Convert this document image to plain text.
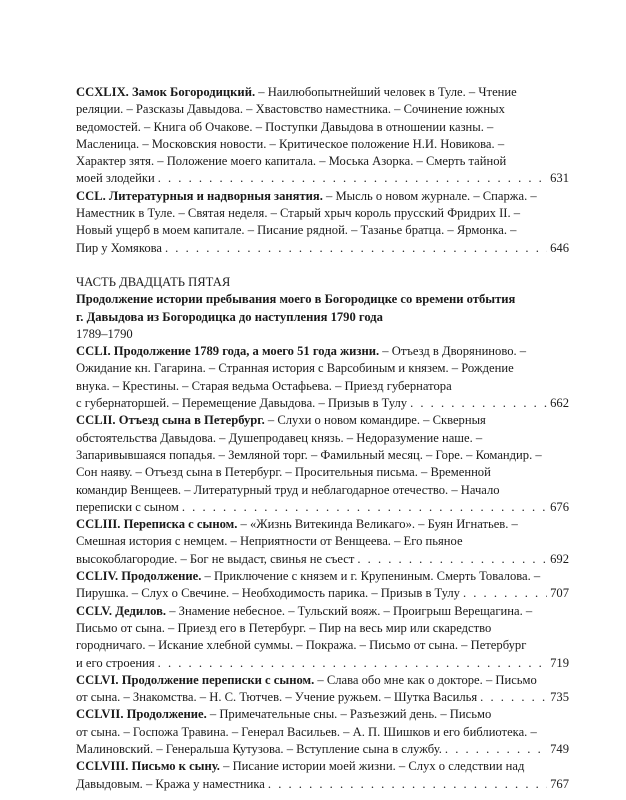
CCXLIX. Замок Богородицкий. – Наилюбопытнейший человек в Туле. – Чтение
реляции. – Разсказы Давыдова. – Хвастовство наместника. – Сочинение южных
ведомостей. – Книга об Очакове. – Поступки Давыдова в отношении казны. –
Масленица. – Московския новости. – Критическое положение Н.И. Новикова. –
Характер зятя. – Положение моего капитала. – Моська Азорка. – Смерть тайной
моей злодейки . . .	631
CCL. Литературныя и надворныя занятия. – Мысль о новом журнале. – Спаржа. –
Наместник в Туле. – Святая неделя. – Старый хрыч король прусский Фридрих II. –
Новый ущерб в моем капитале. – Писание рядной. – Тазанье братца. – Ярмонка. –
Пир у Хомякова . . .	646
ЧАСТЬ ДВАДЦАТЬ ПЯТАЯ
Продолжение истории пребывания моего в Богородицке со времени отбытия
г. Давыдова из Богородицка до наступления 1790 года
1789–1790
CCLI. Продолжение 1789 года, а моего 51 года жизни. – Отъезд в Дворяниново. –
Ожидание кн. Гагарина. – Странная история с Варсобиным и князем. – Рождение
внука. – Крестины. – Старая ведьма Остафьева. – Приезд губернатора
с губернаторшей. – Перемещение Давыдова. – Призыв в Тулу . . .	662
CCLII. Отъезд сына в Петербург. – Слухи о новом командире. – Скверныя
обстоятельства Давыдова. – Душепродавец князь. – Недоразумение наше. –
Запаривывшаяся попадья. – Земляной торг. – Фамильный месяц. – Горе. – Командир. –
Сон наяву. – Отъезд сына в Петербург. – Просительныя письма. – Временной
командир Венщеев. – Литературный труд и неблагодарное отечество. – Начало
переписки с сыном . . .	676
CCLIII. Переписка с сыном. – «Жизнь Витекинда Великаго». – Буян Игнатьев. –
Смешная история с немцем. – Неприятности от Венщеева. – Его пьяное
высокоблагородие. – Бог не выдаст, свинья не съест . . .	692
CCLIV. Продолжение. – Приключение с князем и г. Крупениным. Смерть Товалова. –
Пирушка. – Слух о Свечине. – Необходимость парика. – Призыв в Тулу . . .	707
CCLV. Дедилов. – Знамение небесное. – Тульский вояж. – Проигрыш Верещагина. –
Письмо от сына. – Приезд его в Петербург. – Пир на весь мир или скаредство
городничаго. – Искание хлебной суммы. – Покража. – Письмо от сына. – Петербург
и его строения . . .	719
CCLVI. Продолжение переписки с сыном. – Слава обо мне как о докторе. – Письмо
от сына. – Знакомства. – Н. С. Тютчев. – Учение ружьем. – Шутка Василья . . .	735
CCLVII. Продолжение. – Примечательные сны. – Разъезжий день. – Письмо
от сына. – Госпожа Травина. – Генерал Васильев. – А. П. Шишков и его библиотека. –
Малиновский. – Генеральша Кутузова. – Вступление сына в службу. . . .	749
CCLVIII. Письмо к сыну. – Писание истории моей жизни. – Слух о следствии над
Давыдовым. – Кража у наместника . . .	767
